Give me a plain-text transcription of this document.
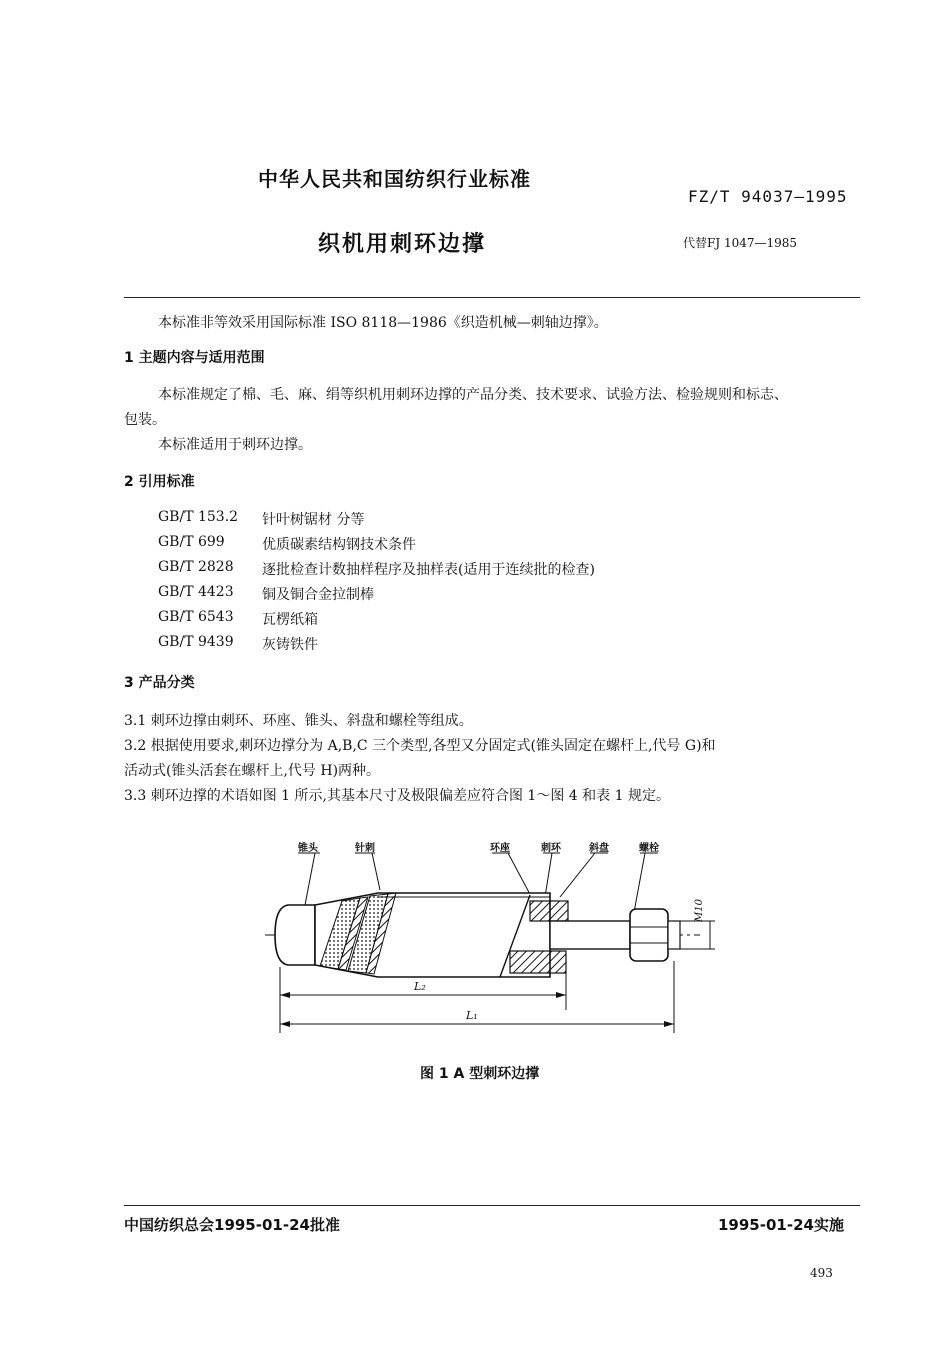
中华人民共和国纺织行业标准
FZ/T 94037—1995
织机用刺环边撑	代替FJ 1047—1985
本标准非等效采用国际标准 ISO 8118—1986《织造机械—刺轴边撑》。
1 主题内容与适用范围
本标准规定了棉、毛、麻、绢等织机用刺环边撑的产品分类、技术要求、试验方法、检验规则和标志、
包装。
本标准适用于刺环边撑。
2 引用标准
GB/T 153.2 针叶树锯材 分等
GB/T 699	优质碳素结构钢技术条件
GB/T 2828 逐批检查计数抽样程序及抽样表(适用于连续批的检查)
GB/T 4423 铜及铜合金拉制棒
GB/T 6543 瓦楞纸箱
GB/T 9439 灰铸铁件
3 产品分类
3.1 刺环边撑由刺环、环座、锥头、斜盘和螺栓等组成。
3.2 根据使用要求,刺环边撑分为 A,B,C 三个类型,各型又分固定式(锥头固定在螺杆上,代号 G)和
活动式(锥头活套在螺杆上,代号 H)两种。
3.3 刺环边撑的术语如图 1 所示,其基本尺寸及极限偏差应符合图 1～图 4 和表 1 规定。
锥头	针刺	环座	刺环	斜盘	螺栓
M10
L₂
L₁
图 1 A 型刺环边撑
中国纺织总会1995-01-24批准	1995-01-24实施
493
